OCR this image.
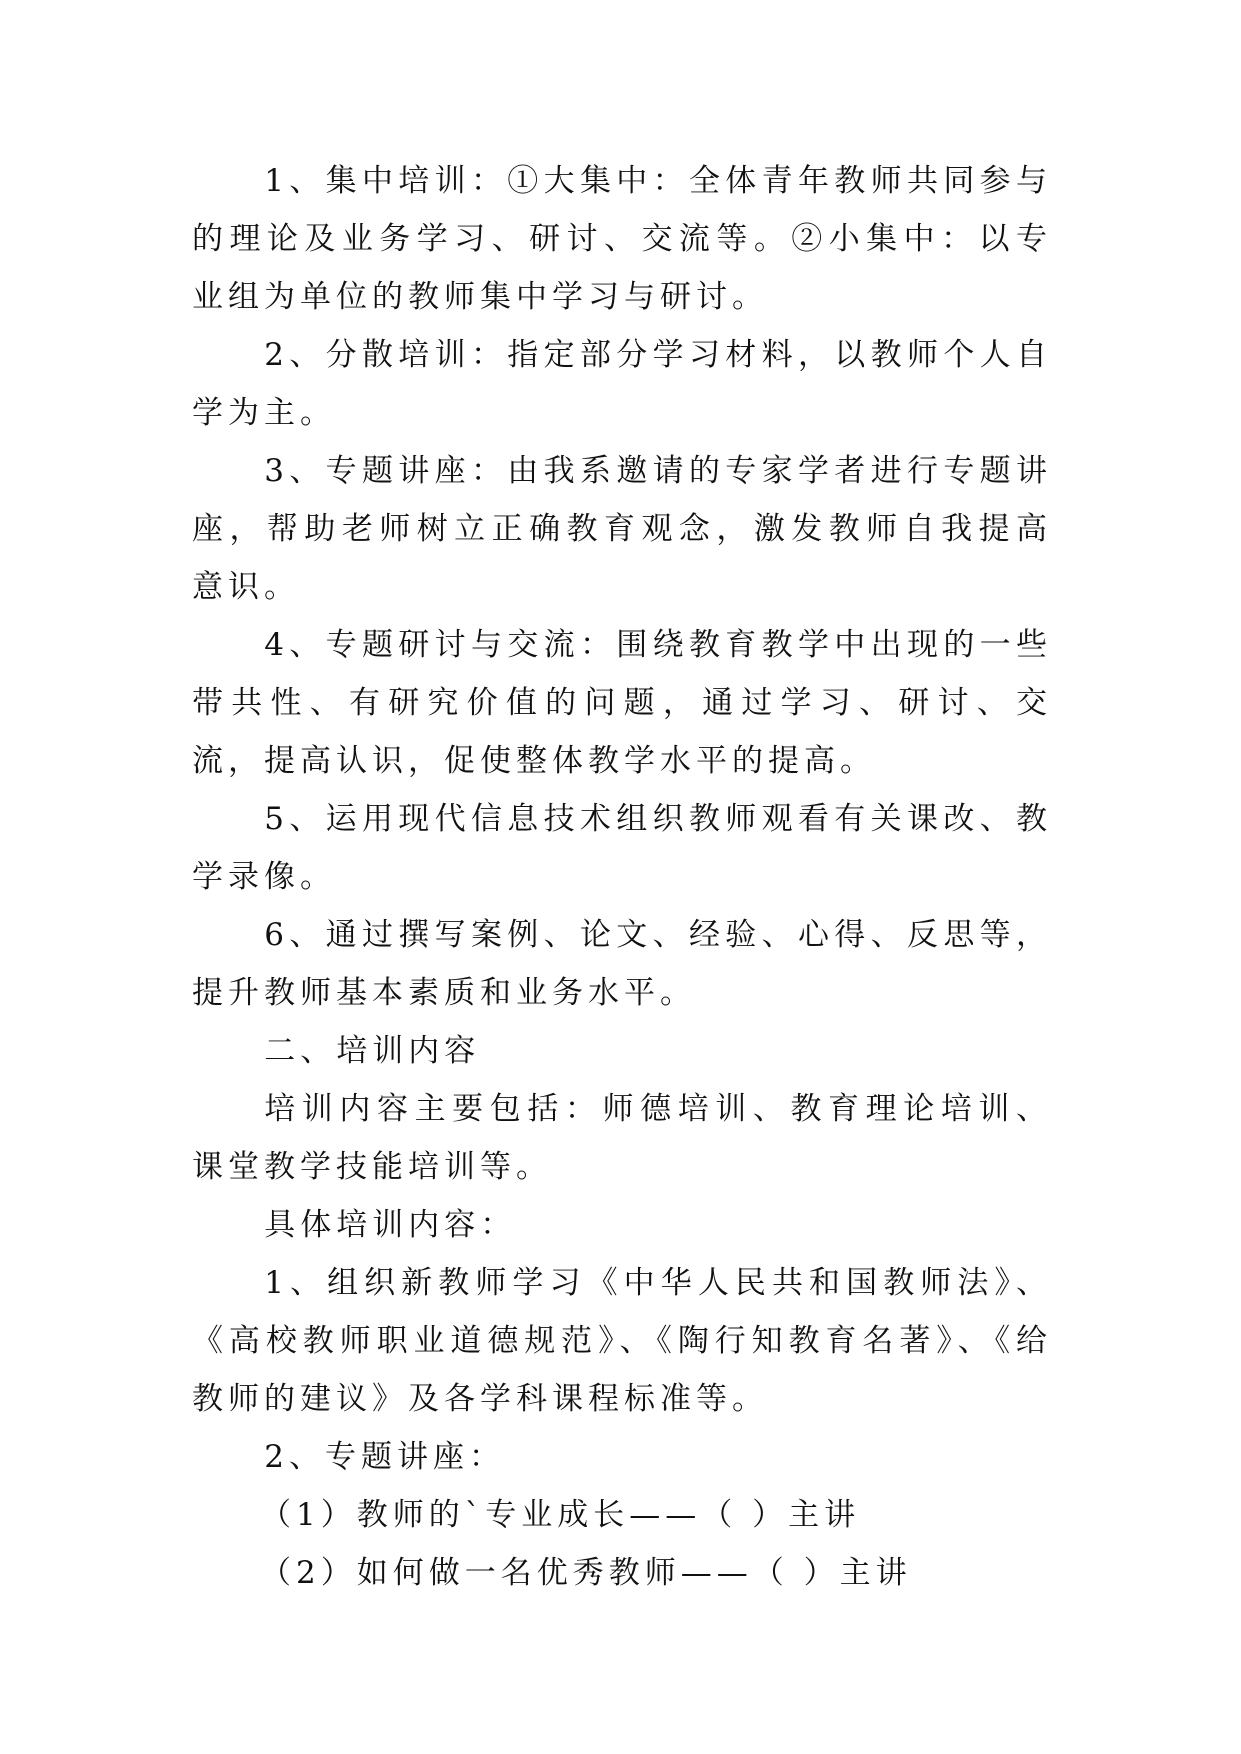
1、集中培训：①大集中：全体青年教师共同参与的理论及业务学习、研讨、交流等。②小集中：以专业组为单位的教师集中学习与研讨。

2、分散培训：指定部分学习材料，以教师个人自学为主。

3、专题讲座：由我系邀请的专家学者进行专题讲座，帮助老师树立正确教育观念，激发教师自我提高意识。

4、专题研讨与交流：围绕教育教学中出现的一些带共性、有研究价值的问题，通过学习、研讨、交流，提高认识，促使整体教学水平的提高。

5、运用现代信息技术组织教师观看有关课改、教学录像。

6、通过撰写案例、论文、经验、心得、反思等，提升教师基本素质和业务水平。

二、培训内容

培训内容主要包括：师德培训、教育理论培训、课堂教学技能培训等。

具体培训内容：

1、组织新教师学习《中华人民共和国教师法》、《高校教师职业道德规范》、《陶行知教育名著》、《给教师的建议》及各学科课程标准等。

2、专题讲座：

（1）教师的`专业成长——（ ）主讲

（2）如何做一名优秀教师——（ ）主讲
